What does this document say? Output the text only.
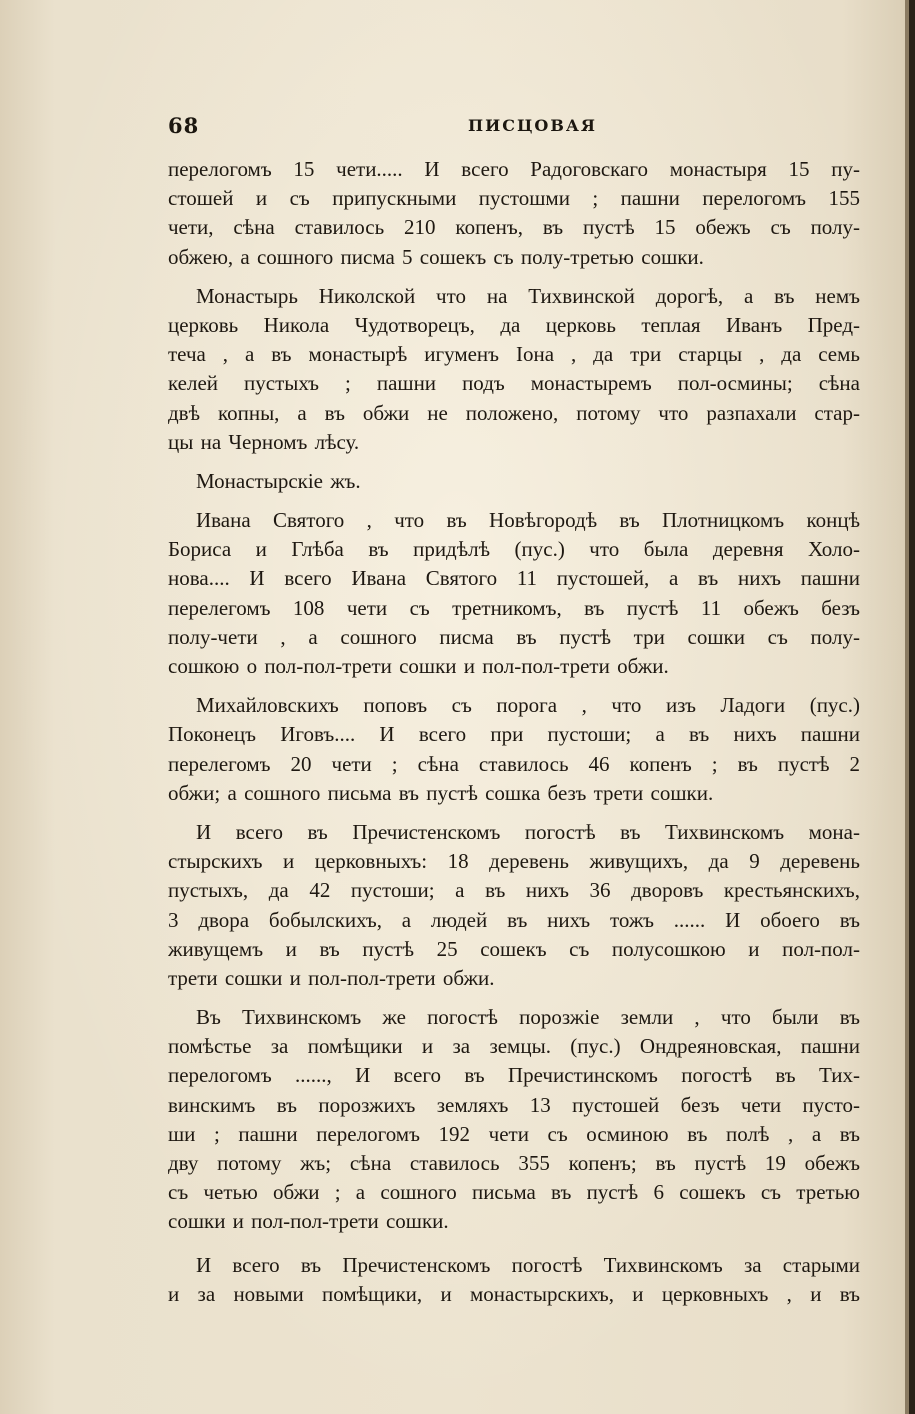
68	ПИСЦОВАЯ
перелогомъ 15 чети..... И всего Радоговскаго монастыря 15 пу-
стошей и съ припускными пустошми ; пашни перелогомъ 155
чети, сѣна ставилось 210 копенъ, въ пустѣ 15 обежъ съ полу-
обжею, а сошного писма 5 сошекъ съ полу-третью сошки.
Монастырь Николской что на Тихвинской дорогѣ, а въ немъ
церковь Никола Чудотворецъ, да церковь теплая Иванъ Пред-
теча , а въ монастырѣ игуменъ Iона , да три старцы , да семь
келей пустыхъ ; пашни подъ монастыремъ пол-осмины; сѣна
двѣ копны, а въ обжи не положено, потому что разпахали стар-
цы на Черномъ лѣсу.
Монастырскiе жъ.
Ивана Святого , что въ Новѣгородѣ въ Плотницкомъ концѣ
Бориса и Глѣба въ придѣлѣ (пус.) что была деревня Холо-
нова.... И всего Ивана Святого 11 пустошей, а въ нихъ пашни
перелегомъ 108 чети съ третникомъ, въ пустѣ 11 обежъ безъ
полу-чети , а сошного писма въ пустѣ три сошки съ полу-
сошкою о пол-пол-трети сошки и пол-пол-трети обжи.
Михайловскихъ поповъ съ порога , что изъ Ладоги (пус.)
Поконецъ Иговъ.... И всего при пустоши; а въ нихъ пашни
перелегомъ 20 чети ; сѣна ставилось 46 копенъ ; въ пустѣ 2
обжи; а сошного письма въ пустѣ сошка безъ трети сошки.
И всего въ Пречистенскомъ погостѣ въ Тихвинскомъ мона-
стырскихъ и церковныхъ: 18 деревень живущихъ, да 9 деревень
пустыхъ, да 42 пустоши; а въ нихъ 36 дворовъ крестьянскихъ,
3 двора бобылскихъ, а людей въ нихъ тожъ ...... И обоего въ
живущемъ и въ пустѣ 25 сошекъ съ полусошкою и пол-пол-
трети сошки и пол-пол-трети обжи.
Въ Тихвинскомъ же погостѣ порозжiе земли , что были въ
помѣстье за помѣщики и за земцы. (пус.) Ондреяновская, пашни
перелогомъ ......, И всего въ Пречистинскомъ погостѣ въ Тих-
винскимъ въ порозжихъ земляхъ 13 пустошей безъ чети пусто-
ши ; пашни перелогомъ 192 чети съ осминою въ полѣ , а въ
дву потому жъ; сѣна ставилось 355 копенъ; въ пустѣ 19 обежъ
съ четью обжи ; а сошного письма въ пустѣ 6 сошекъ съ третью
сошки и пол-пол-трети сошки.
И всего въ Пречистенскомъ погостѣ Тихвинскомъ за старыми
и за новыми помѣщики, и монастырскихъ, и церковныхъ , и въ
